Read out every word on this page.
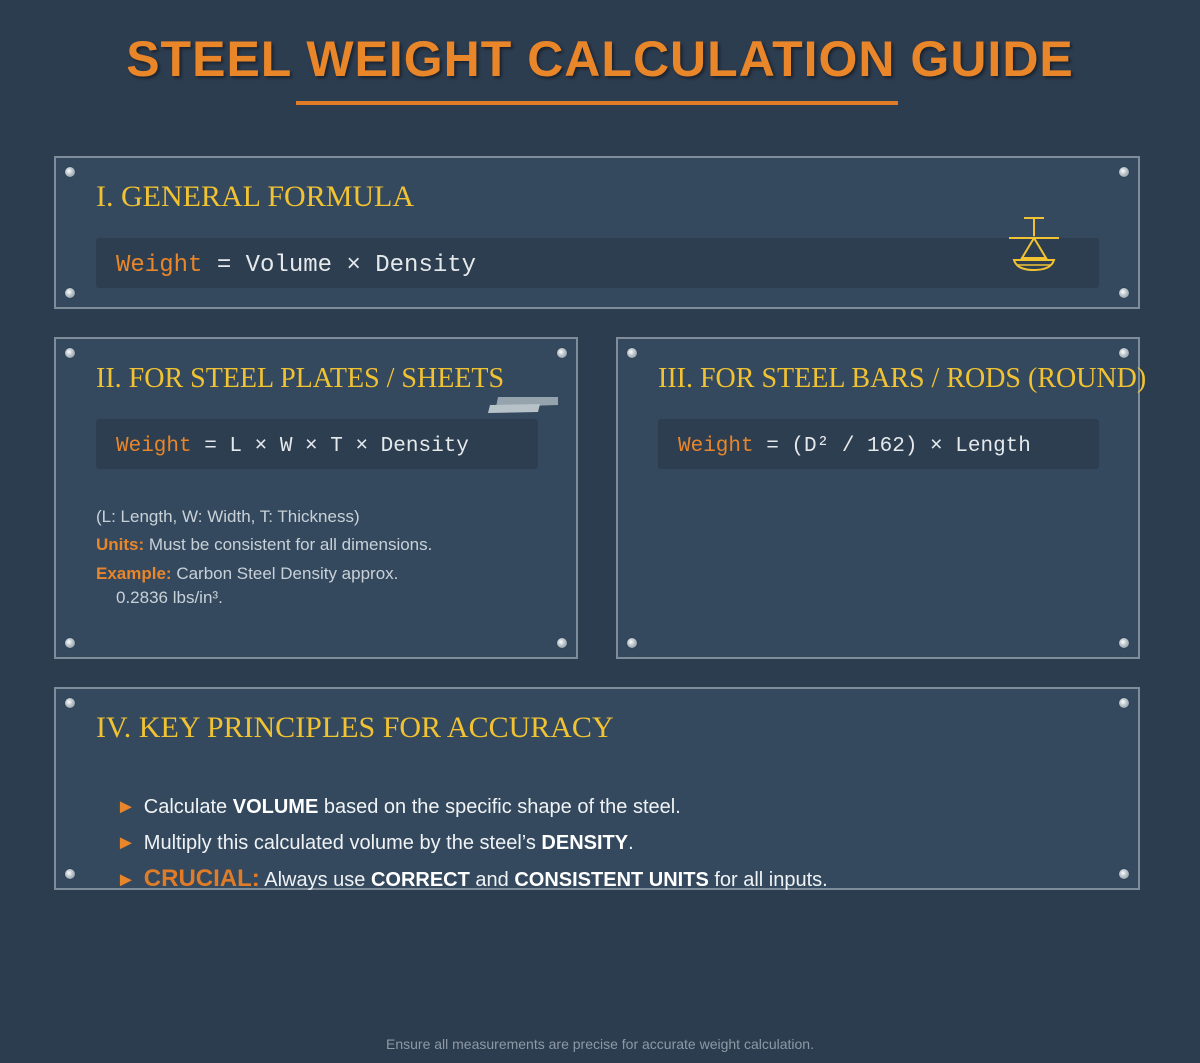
STEEL WEIGHT CALCULATION GUIDE
I. GENERAL FORMULA
Weight = Volume × Density
II. FOR STEEL PLATES / SHEETS
Weight = L × W × T × Density
(L: Length, W: Width, T: Thickness)
Units: Must be consistent for all dimensions.
Example: Carbon Steel Density approx.
0.2836 lbs/in³.
III. FOR STEEL BARS / RODS (ROUND)
Weight = (D² / 162) × Length
IV. KEY PRINCIPLES FOR ACCURACY
► Calculate VOLUME based on the specific shape of the steel.
► Multiply this calculated volume by the steel’s DENSITY.
► CRUCIAL: Always use CORRECT and CONSISTENT UNITS for all inputs.
Ensure all measurements are precise for accurate weight calculation.
